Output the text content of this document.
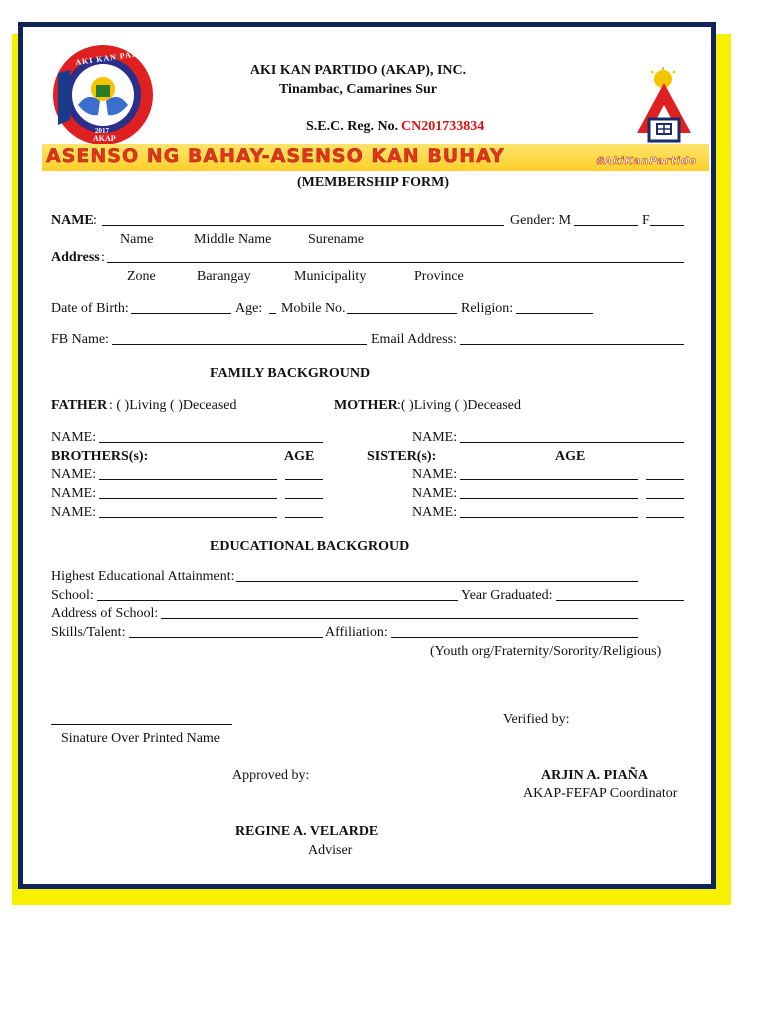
AKI KAN PARTIDO
2017
AKAP
AKI KAN PARTIDO (AKAP), INC.
Tinambac, Camarines Sur
S.E.C. Reg. No. CN201733834
ASENSO NG BAHAY-ASENSO KAN BUHAY	#AkiKanPartido
(MEMBERSHIP FORM)
NAME :	Gender: M	F
Name	Middle Name	Surename
Address :
Zone	Barangay	Municipality	Province
Date of Birth:	Age: Mobile No.	Religion:
FB Name:	Email Address:
FAMILY BACKGROUND
FATHER : ( )Living ( )Deceased	MOTHER :( )Living ( )Deceased
NAME:	NAME:
BROTHERS(s):	AGE	SISTER(s):	AGE
NAME:	NAME:
NAME:	NAME:
NAME:	NAME:
EDUCATIONAL BACKGROUD
Highest Educational Attainment:
School:	Year Graduated:
Address of School:
Skills/Talent:	Affiliation:
(Youth org/Fraternity/Sorority/Religious)
Sinature Over Printed Name
Verified by:
Approved by:	ARJIN A. PIAÑA
AKAP-FEFAP Coordinator
REGINE A. VELARDE
Adviser
